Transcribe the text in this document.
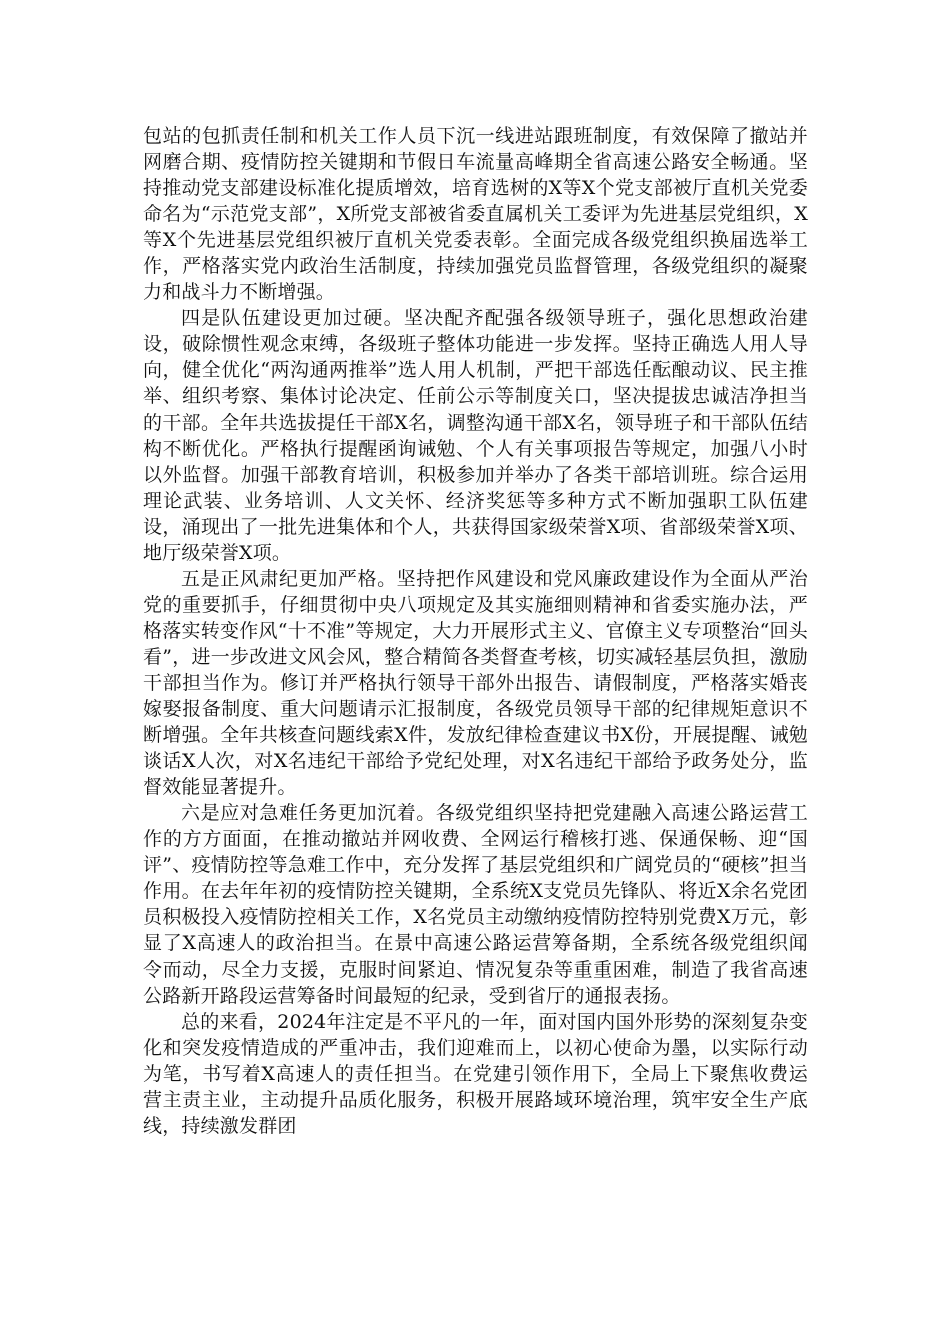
包站的包抓责任制和机关工作人员下沉一线进站跟班制度，有效保障了撤站并网磨合期、疫情防控关键期和节假日车流量高峰期全省高速公路安全畅通。坚持推动党支部建设标准化提质增效，培育选树的X等X个党支部被厅直机关党委命名为“示范党支部”，X所党支部被省委直属机关工委评为先进基层党组织，X等X个先进基层党组织被厅直机关党委表彰。全面完成各级党组织换届选举工作，严格落实党内政治生活制度，持续加强党员监督管理，各级党组织的凝聚力和战斗力不断增强。

四是队伍建设更加过硬。坚决配齐配强各级领导班子，强化思想政治建设，破除惯性观念束缚，各级班子整体功能进一步发挥。坚持正确选人用人导向，健全优化“两沟通两推举”选人用人机制，严把干部选任酝酿动议、民主推举、组织考察、集体讨论决定、任前公示等制度关口，坚决提拔忠诚洁净担当的干部。全年共选拔提任干部X名，调整沟通干部X名，领导班子和干部队伍结构不断优化。严格执行提醒函询诫勉、个人有关事项报告等规定，加强八小时以外监督。加强干部教育培训，积极参加并举办了各类干部培训班。综合运用理论武装、业务培训、人文关怀、经济奖惩等多种方式不断加强职工队伍建设，涌现出了一批先进集体和个人，共获得国家级荣誉X项、省部级荣誉X项、地厅级荣誉X项。

五是正风肃纪更加严格。坚持把作风建设和党风廉政建设作为全面从严治党的重要抓手，仔细贯彻中央八项规定及其实施细则精神和省委实施办法，严格落实转变作风“十不准”等规定，大力开展形式主义、官僚主义专项整治“回头看”，进一步改进文风会风，整合精简各类督查考核，切实减轻基层负担，激励干部担当作为。修订并严格执行领导干部外出报告、请假制度，严格落实婚丧嫁娶报备制度、重大问题请示汇报制度，各级党员领导干部的纪律规矩意识不断增强。全年共核查问题线索X件，发放纪律检查建议书X份，开展提醒、诫勉谈话X人次，对X名违纪干部给予党纪处理，对X名违纪干部给予政务处分，监督效能显著提升。

六是应对急难任务更加沉着。各级党组织坚持把党建融入高速公路运营工作的方方面面，在推动撤站并网收费、全网运行稽核打逃、保通保畅、迎“国评”、疫情防控等急难工作中，充分发挥了基层党组织和广阔党员的“硬核”担当作用。在去年年初的疫情防控关键期，全系统X支党员先锋队、将近X余名党团员积极投入疫情防控相关工作，X名党员主动缴纳疫情防控特别党费X万元，彰显了X高速人的政治担当。在景中高速公路运营筹备期，全系统各级党组织闻令而动，尽全力支援，克服时间紧迫、情况复杂等重重困难，制造了我省高速公路新开路段运营筹备时间最短的纪录，受到省厅的通报表扬。

总的来看，2024年注定是不平凡的一年，面对国内国外形势的深刻复杂变化和突发疫情造成的严重冲击，我们迎难而上，以初心使命为墨，以实际行动为笔，书写着X高速人的责任担当。在党建引领作用下，全局上下聚焦收费运营主责主业，主动提升品质化服务，积极开展路域环境治理，筑牢安全生产底线，持续激发群团
